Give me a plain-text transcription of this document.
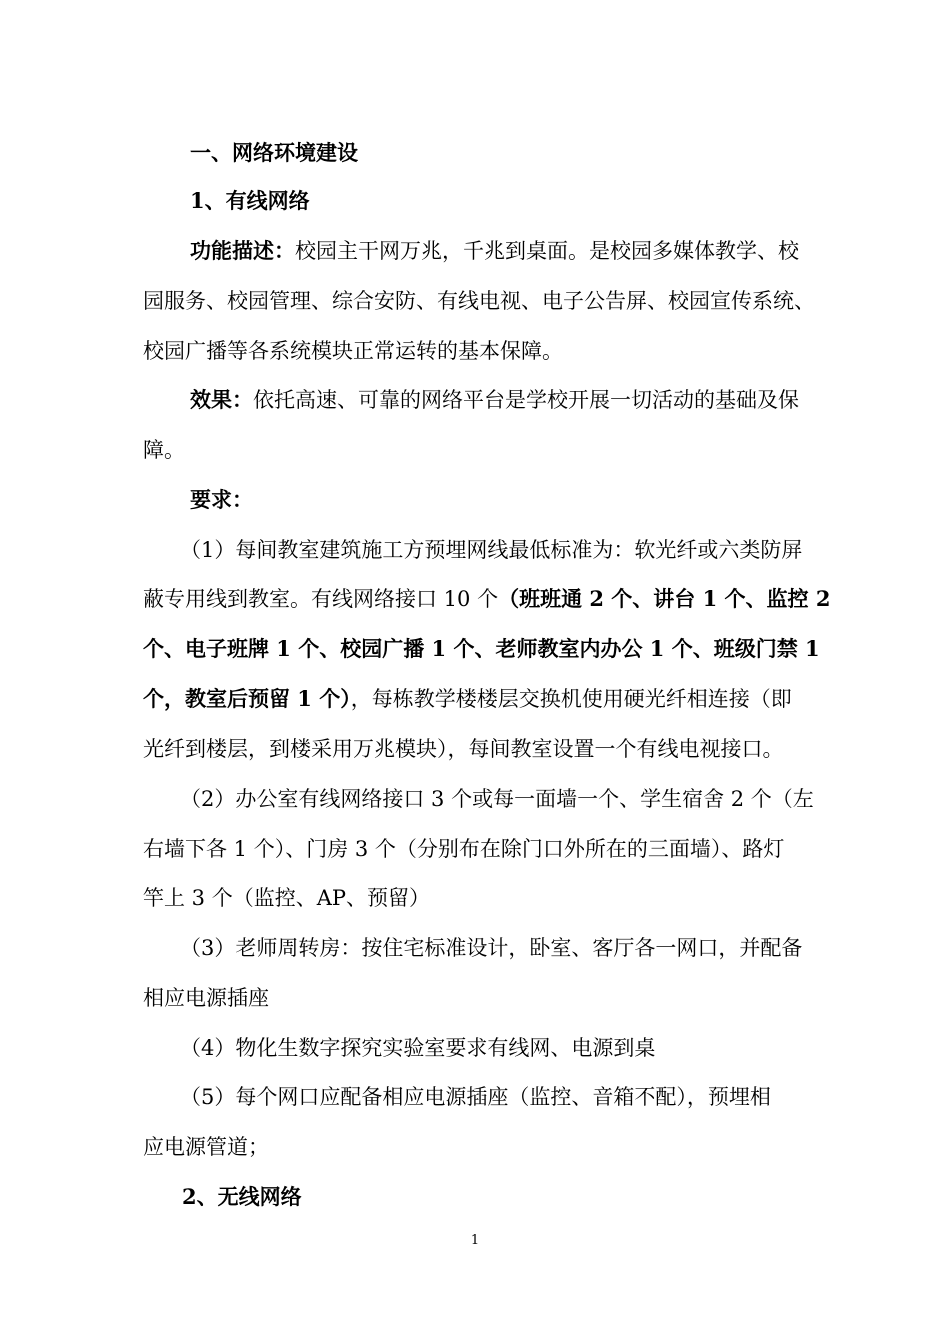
一、网络环境建设
1、有线网络
功能描述：校园主干网万兆，千兆到桌面。是校园多媒体教学、校
园服务、校园管理、综合安防、有线电视、电子公告屏、校园宣传系统、
校园广播等各系统模块正常运转的基本保障。
效果：依托高速、可靠的网络平台是学校开展一切活动的基础及保
障。
要求：
（1）每间教室建筑施工方预埋网线最低标准为：软光纤或六类防屏
蔽专用线到教室。有线网络接口 10 个（班班通 2 个、讲台 1 个、监控 2
个、电子班牌 1 个、校园广播 1 个、老师教室内办公 1 个、班级门禁 1
个，教室后预留 1 个），每栋教学楼楼层交换机使用硬光纤相连接（即
光纤到楼层，到楼采用万兆模块），每间教室设置一个有线电视接口。
（2）办公室有线网络接口 3 个或每一面墙一个、学生宿舍 2 个（左
右墙下各 1 个）、门房 3 个（分别布在除门口外所在的三面墙）、路灯
竿上 3 个（监控、AP、预留）
（3）老师周转房：按住宅标准设计，卧室、客厅各一网口，并配备
相应电源插座
（4）物化生数字探究实验室要求有线网、电源到桌
（5）每个网口应配备相应电源插座（监控、音箱不配），预埋相
应电源管道；
2、无线网络
1
